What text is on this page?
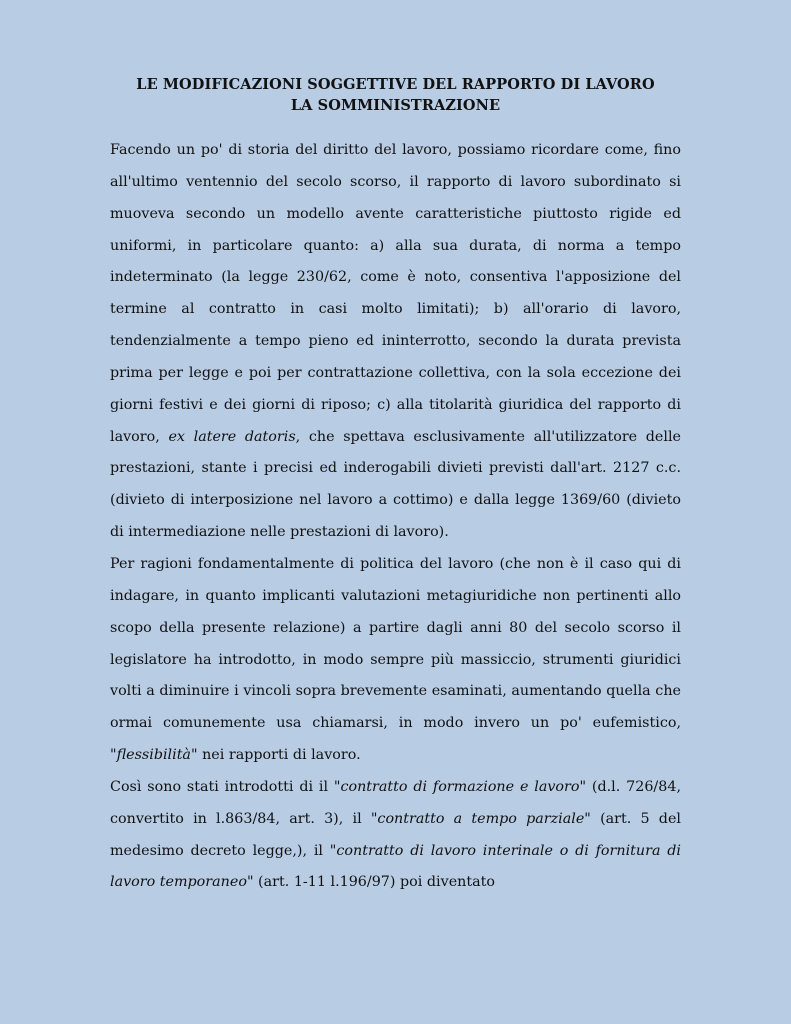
LE MODIFICAZIONI SOGGETTIVE DEL RAPPORTO DI LAVORO
LA SOMMINISTRAZIONE

Facendo un po' di storia del diritto del lavoro, possiamo ricordare come, fino all'ultimo ventennio del secolo scorso, il rapporto di lavoro subordinato si muoveva secondo un modello avente caratteristiche piuttosto rigide ed uniformi, in particolare quanto: a) alla sua durata, di norma a tempo indeterminato (la legge 230/62, come è noto, consentiva l'apposizione del termine al contratto in casi molto limitati); b) all'orario di lavoro, tendenzialmente a tempo pieno ed ininterrotto, secondo la durata prevista prima per legge e poi per contrattazione collettiva, con la sola eccezione dei giorni festivi e dei giorni di riposo; c) alla titolarità giuridica del rapporto di lavoro, ex latere datoris, che spettava esclusivamente all'utilizzatore delle prestazioni, stante i precisi ed inderogabili divieti previsti dall'art. 2127 c.c. (divieto di interposizione nel lavoro a cottimo) e dalla legge 1369/60 (divieto di intermediazione nelle prestazioni di lavoro).

Per ragioni fondamentalmente di politica del lavoro (che non è il caso qui di indagare, in quanto implicanti valutazioni metagiuridiche non pertinenti allo scopo della presente relazione) a partire dagli anni 80 del secolo scorso il legislatore ha introdotto, in modo sempre più massiccio, strumenti giuridici volti a diminuire i vincoli sopra brevemente esaminati, aumentando quella che ormai comunemente usa chiamarsi, in modo invero un po' eufemistico, "flessibilità" nei rapporti di lavoro.

Così sono stati introdotti di il "contratto di formazione e lavoro" (d.l. 726/84, convertito in l.863/84, art. 3), il "contratto a tempo parziale" (art. 5 del medesimo decreto legge,), il "contratto di lavoro interinale o di fornitura di lavoro temporaneo" (art. 1-11 l.196/97) poi diventato
